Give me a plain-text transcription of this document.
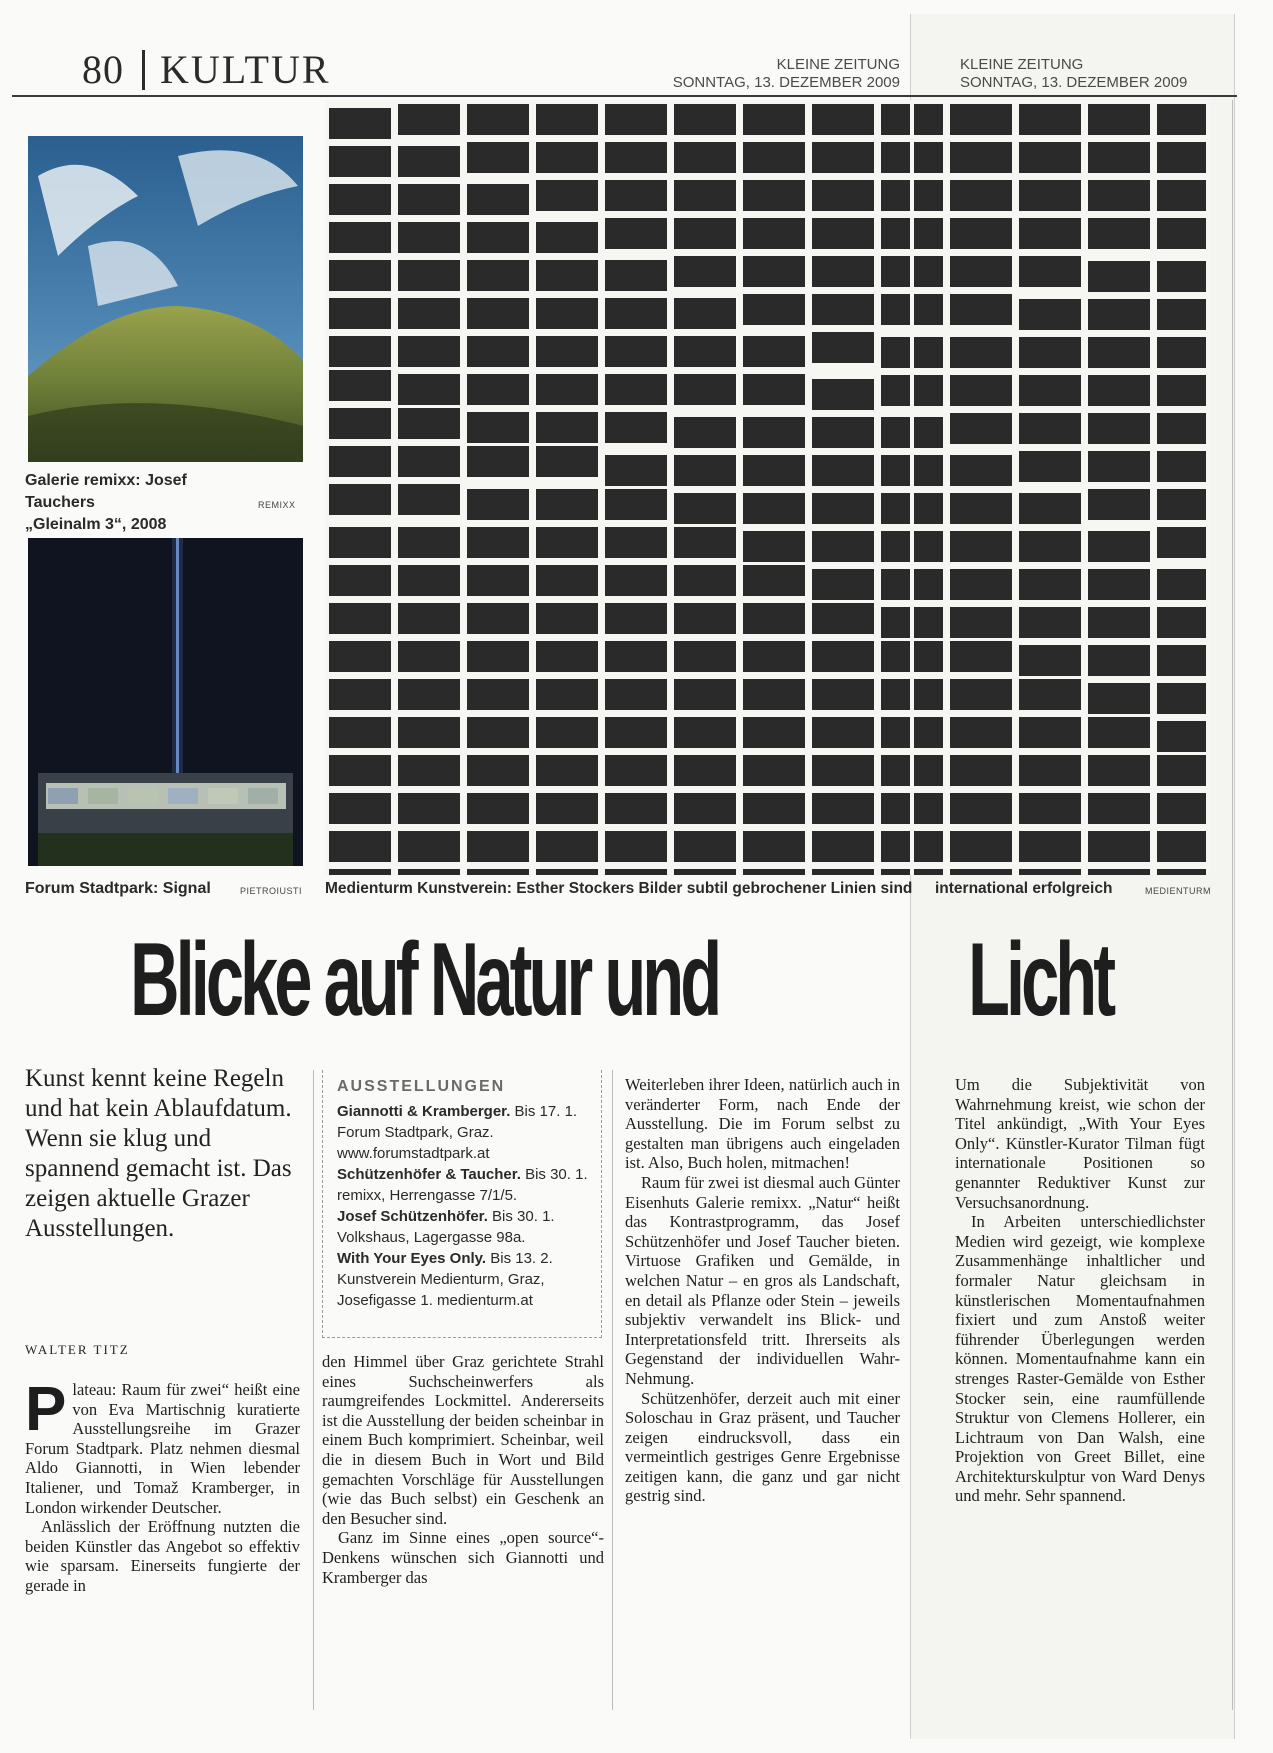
80 KULTUR	KLEINE ZEITUNG
SONNTAG, 13. DEZEMBER 2009
KLEINE ZEITUNG
SONNTAG, 13. DEZEMBER 2009
Galerie remixx: Josef Tauchers
„Gleinalm 3“, 2008
REMIXX
Forum Stadtpark: Signal	PIETROIUSTI Medienturm Kunstverein: Esther Stockers Bilder subtil gebrochener Linien sind international erfolgreich	MEDIENTURM
Blicke auf Natur und Licht
Kunst kennt keine Regeln und hat kein Ablaufdatum. Wenn sie klug und spannend gemacht ist. Das zeigen aktuelle Grazer Ausstellungen.
WALTER TITZ

Plateau: Raum für zwei“ heißt eine von Eva Martischnig kuratierte Ausstellungsreihe im Grazer Forum Stadtpark. Platz nehmen diesmal Aldo Giannotti, in Wien lebender Italiener, und Tomaž Kramberger, in London wirkender Deutscher.

Anlässlich der Eröffnung nutzten die beiden Künstler das Angebot so effektiv wie sparsam. Einerseits fungierte der gerade in

AUSSTELLUNGEN
Giannotti & Kramberger. Bis 17. 1. Forum Stadtpark, Graz. www.forumstadtpark.at
Schützenhöfer & Taucher. Bis 30. 1. remixx, Herrengasse 7/1/5.
Josef Schützenhöfer. Bis 30. 1. Volkshaus, Lagergasse 98a.
With Your Eyes Only. Bis 13. 2. Kunstverein Medienturm, Graz, Josefigasse 1. medienturm.at

den Himmel über Graz gerichtete Strahl eines Suchscheinwerfers als raumgreifendes Lockmittel. Andererseits ist die Ausstellung der beiden scheinbar in einem Buch komprimiert. Scheinbar, weil die in diesem Buch in Wort und Bild gemachten Vorschläge für Ausstellungen (wie das Buch selbst) ein Geschenk an den Besucher sind.

Ganz im Sinne eines „open source“-Denkens wünschen sich Giannotti und Kramberger das

Weiterleben ihrer Ideen, natürlich auch in veränderter Form, nach Ende der Ausstellung. Die im Forum selbst zu gestalten man übrigens auch eingeladen ist. Also, Buch holen, mitmachen!

Raum für zwei ist diesmal auch Günter Eisenhuts Galerie remixx. „Natur“ heißt das Kontrastprogramm, das Josef Schützenhöfer und Josef Taucher bieten. Virtuose Grafiken und Gemälde, in welchen Natur – en gros als Landschaft, en detail als Pflanze oder Stein – jeweils subjektiv verwandelt ins Blick- und Interpretationsfeld tritt. Ihrerseits als Gegenstand der individuellen Wahr-Nehmung.

Schützenhöfer, derzeit auch mit einer Soloschau in Graz präsent, und Taucher zeigen eindrucksvoll, dass ein vermeintlich gestriges Genre Ergebnisse zeitigen kann, die ganz und gar nicht gestrig sind.

Um die Subjektivität von Wahrnehmung kreist, wie schon der Titel ankündigt, „With Your Eyes Only“. Künstler-Kurator Tilman fügt internationale Positionen so genannter Reduktiver Kunst zur Versuchsanordnung.

In Arbeiten unterschiedlichster Medien wird gezeigt, wie komplexe Zusammenhänge inhaltlicher und formaler Natur gleichsam in künstlerischen Momentaufnahmen fixiert und zum Anstoß weiter führender Überlegungen werden können. Momentaufnahme kann ein strenges Raster-Gemälde von Esther Stocker sein, eine raumfüllende Struktur von Clemens Hollerer, ein Lichtraum von Dan Walsh, eine Projektion von Greet Billet, eine Architekturskulptur von Ward Denys und mehr. Sehr spannend.
